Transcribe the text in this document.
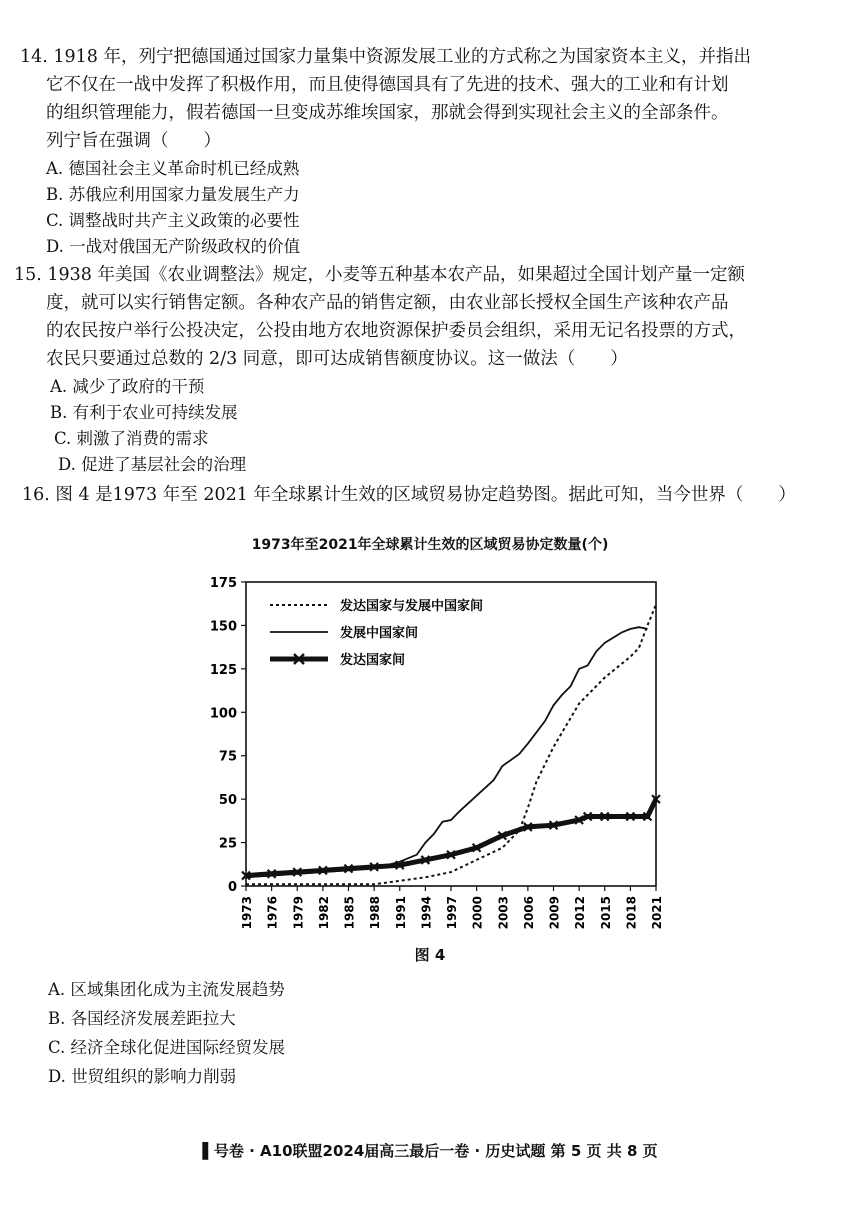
14. 1918 年，列宁把德国通过国家力量集中资源发展工业的方式称之为国家资本主义，并指出
它不仅在一战中发挥了积极作用，而且使得德国具有了先进的技术、强大的工业和有计划
的组织管理能力，假若德国一旦变成苏维埃国家，那就会得到实现社会主义的全部条件。
列宁旨在强调（　　）
A. 德国社会主义革命时机已经成熟
B. 苏俄应利用国家力量发展生产力
C. 调整战时共产主义政策的必要性
D. 一战对俄国无产阶级政权的价值
15. 1938 年美国《农业调整法》规定，小麦等五种基本农产品，如果超过全国计划产量一定额
度，就可以实行销售定额。各种农产品的销售定额，由农业部长授权全国生产该种农产品
的农民按户举行公投决定，公投由地方农地资源保护委员会组织，采用无记名投票的方式，
农民只要通过总数的 2/3 同意，即可达成销售额度协议。这一做法（　　）
A. 减少了政府的干预
B. 有利于农业可持续发展
C. 刺激了消费的需求
D. 促进了基层社会的治理
16. 图 4 是1973 年至 2021 年全球累计生效的区域贸易协定趋势图。据此可知，当今世界（　　）
1973年至2021年全球累计生效的区域贸易协定数量(个)
0
25
50
75
100
125
150
175
1973 1976 1979 1982 1985 1988 1991 1994 1997 2000 2003 2006 2009 2012 2015 2018 2021
发达国家与发展中国家间
发展中国家间
发达国家间
图 4
A. 区域集团化成为主流发展趋势
B. 各国经济发展差距拉大
C. 经济全球化促进国际经贸发展
D. 世贸组织的影响力削弱
▌号卷 · A10联盟2024届高三最后一卷 · 历史试题 第 5 页 共 8 页
